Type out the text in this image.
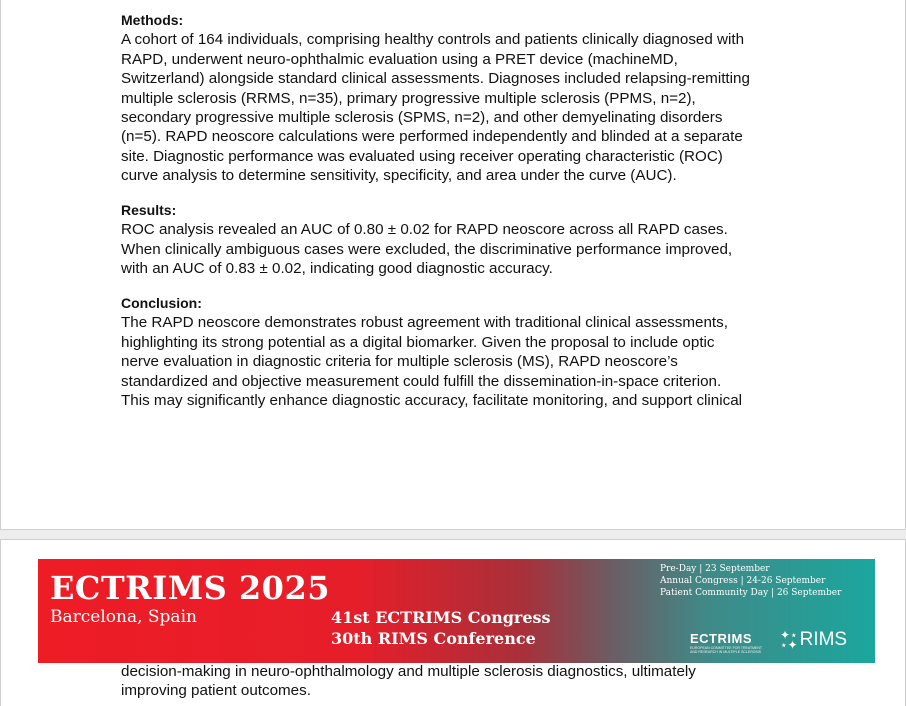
Methods:

A cohort of 164 individuals, comprising healthy controls and patients clinically diagnosed with

RAPD, underwent neuro-ophthalmic evaluation using a PRET device (machineMD,

Switzerland) alongside standard clinical assessments. Diagnoses included relapsing-remitting

multiple sclerosis (RRMS, n=35), primary progressive multiple sclerosis (PPMS, n=2),

secondary progressive multiple sclerosis (SPMS, n=2), and other demyelinating disorders

(n=5). RAPD neoscore calculations were performed independently and blinded at a separate

site. Diagnostic performance was evaluated using receiver operating characteristic (ROC)

curve analysis to determine sensitivity, specificity, and area under the curve (AUC).

Results:

ROC analysis revealed an AUC of 0.80 ± 0.02 for RAPD neoscore across all RAPD cases.

When clinically ambiguous cases were excluded, the discriminative performance improved,

with an AUC of 0.83 ± 0.02, indicating good diagnostic accuracy.

Conclusion:

The RAPD neoscore demonstrates robust agreement with traditional clinical assessments,

highlighting its strong potential as a digital biomarker. Given the proposal to include optic

nerve evaluation in diagnostic criteria for multiple sclerosis (MS), RAPD neoscore’s

standardized and objective measurement could fulfill the dissemination-in-space criterion.

This may significantly enhance diagnostic accuracy, facilitate monitoring, and support clinical

ECTRIMS 2025
Barcelona, Spain	41st ECTRIMS Congress
30th RIMS Conference
Pre-Day | 23 September
Annual Congress | 24-26 September
Patient Community Day | 26 September
ECTRIMS
EUROPEAN COMMITTEE FOR TREATMENT AND RESEARCH IN MULTIPLE SCLEROSIS
✦⋆
⋆✦ RIMS

decision-making in neuro-ophthalmology and multiple sclerosis diagnostics, ultimately

improving patient outcomes.
